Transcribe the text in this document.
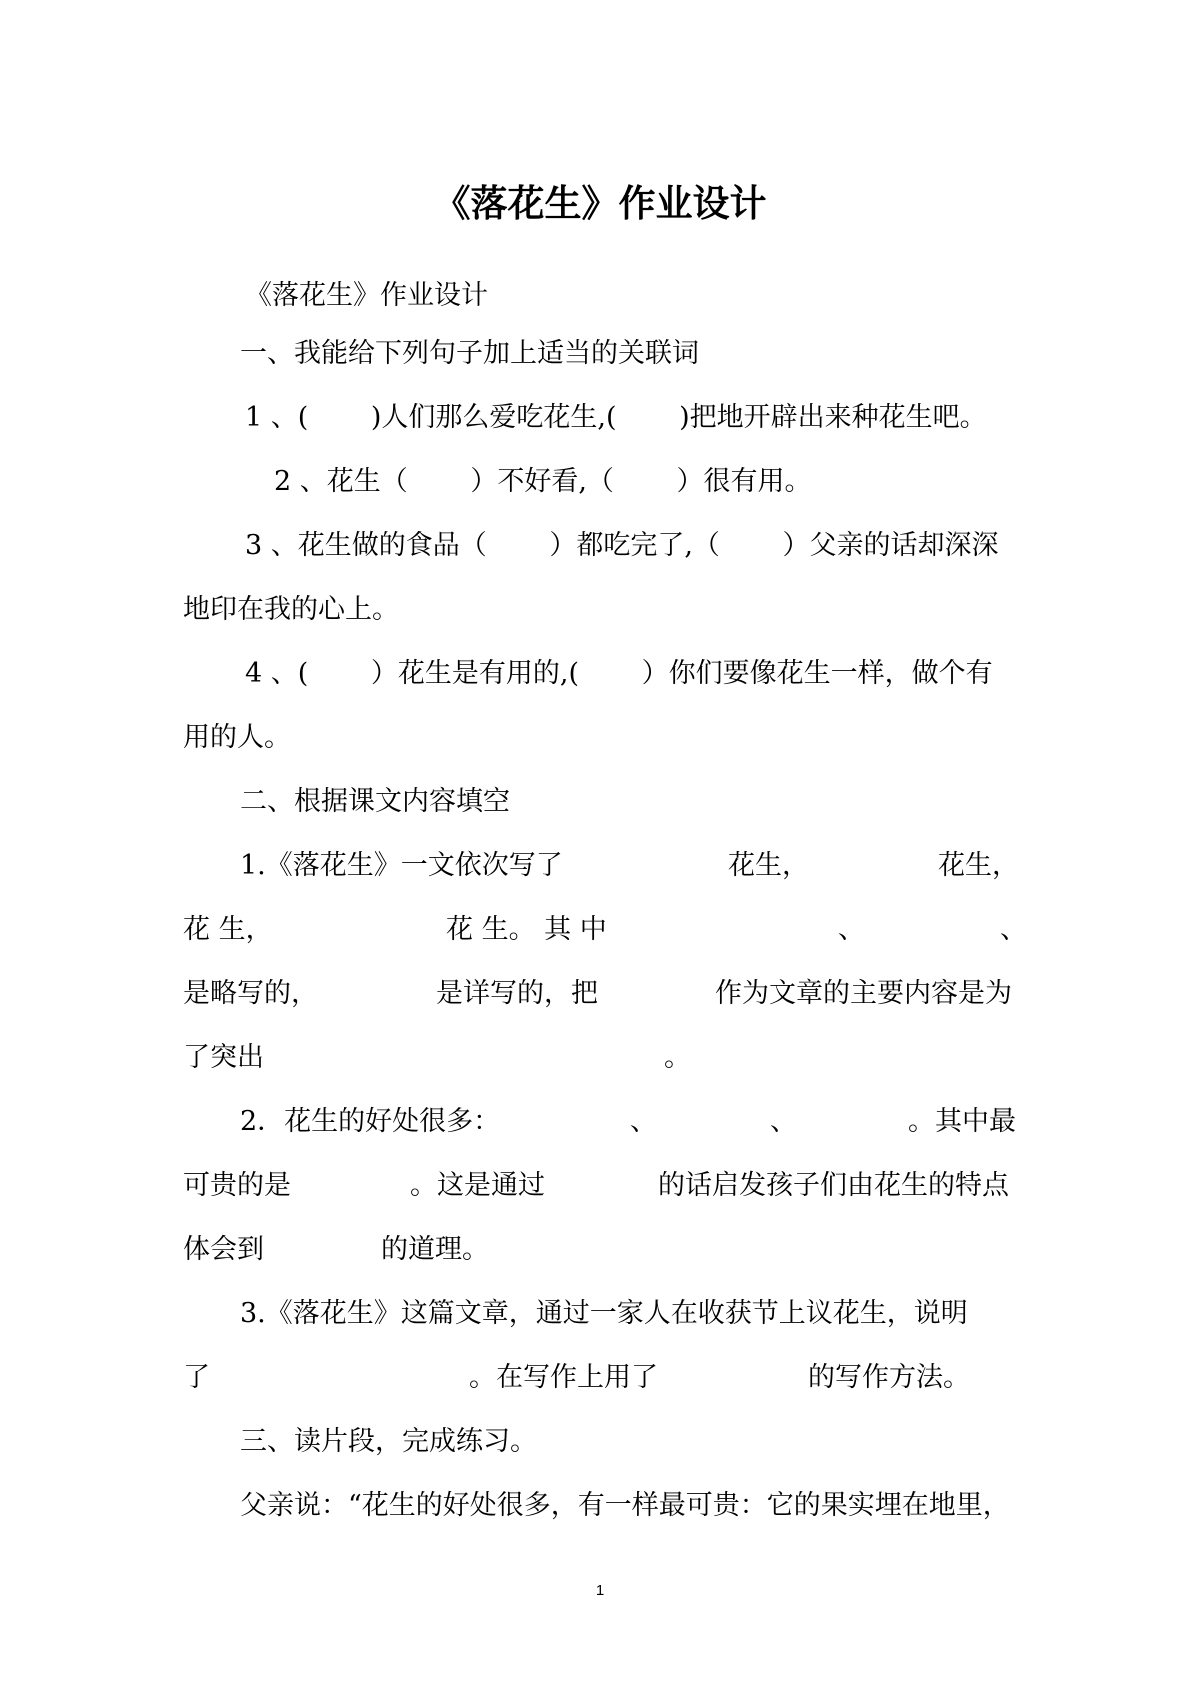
《落花生》作业设计
《落花生》作业设计
一、我能给下列句子加上适当的关联词
1 、(　　 )人们那么爱吃花生,(　　 )把地开辟出来种花生吧。
2 、花生（　　 ）不好看,（　　 ）很有用。
3 、花生做的食品（　　 ）都吃完了,（　　 ）父亲的话却深深
地印在我的心上。
4 、(　　 ）花生是有用的,(　　 ）你们要像花生一样，做个有
用的人。
二、根据课文内容填空
1.《落花生》一文依次写了	花生，	花生，
花 生，	花 生。 其 中	、	、
是略写的，	是详写的，把	作为文章的主要内容是为
了突出	。
2．花生的好处很多：	、	、	。其中最
可贵的是	。这是通过	的话启发孩子们由花生的特点
体会到	的道理。
3.《落花生》这篇文章，通过一家人在收获节上议花生，说明
了	。在写作上用了	的写作方法。
三、读片段，完成练习。
父亲说：“花生的好处很多，有一样最可贵：它的果实埋在地里，
1
